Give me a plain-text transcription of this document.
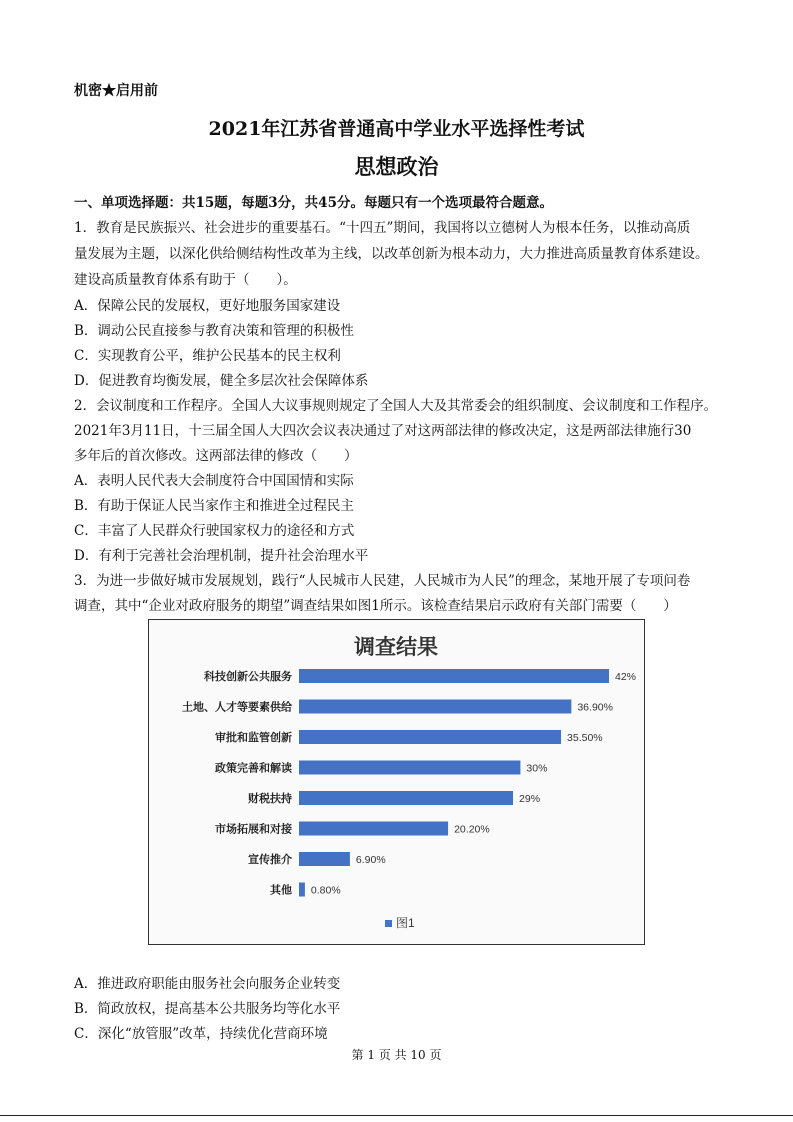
机密★启用前
2021年江苏省普通高中学业水平选择性考试
思想政治
一、单项选择题：共15题，每题3分，共45分。每题只有一个选项最符合题意。
1．教育是民族振兴、社会进步的重要基石。“十四五”期间，我国将以立德树人为根本任务，以推动高质
量发展为主题，以深化供给侧结构性改革为主线，以改革创新为根本动力，大力推进高质量教育体系建设。
建设高质量教育体系有助于（　　）。
A．保障公民的发展权，更好地服务国家建设
B．调动公民直接参与教育决策和管理的积极性
C．实现教育公平，维护公民基本的民主权利
D．促进教育均衡发展，健全多层次社会保障体系
2．会议制度和工作程序。全国人大议事规则规定了全国人大及其常委会的组织制度、会议制度和工作程序。
2021年3月11日，十三届全国人大四次会议表决通过了对这两部法律的修改决定，这是两部法律施行30
多年后的首次修改。这两部法律的修改（　　）
A．表明人民代表大会制度符合中国国情和实际
B．有助于保证人民当家作主和推进全过程民主
C．丰富了人民群众行驶国家权力的途径和方式
D．有利于完善社会治理机制，提升社会治理水平
3．为进一步做好城市发展规划，践行“人民城市人民建，人民城市为人民”的理念，某地开展了专项问卷
调查，其中“企业对政府服务的期望”调查结果如图1所示。该检查结果启示政府有关部门需要（　　）
调查结果
科技创新公共服务	42%
土地、人才等要素供给	36.90%
审批和监管创新	35.50%
政策完善和解读	30%
财税扶持	29%
市场拓展和对接	20.20%
宣传推介	6.90%
其他 0.80%
图1
A．推进政府职能由服务社会向服务企业转变
B．简政放权，提高基本公共服务均等化水平
C．深化“放管服”改革，持续优化营商环境
第 1 页 共 10 页
